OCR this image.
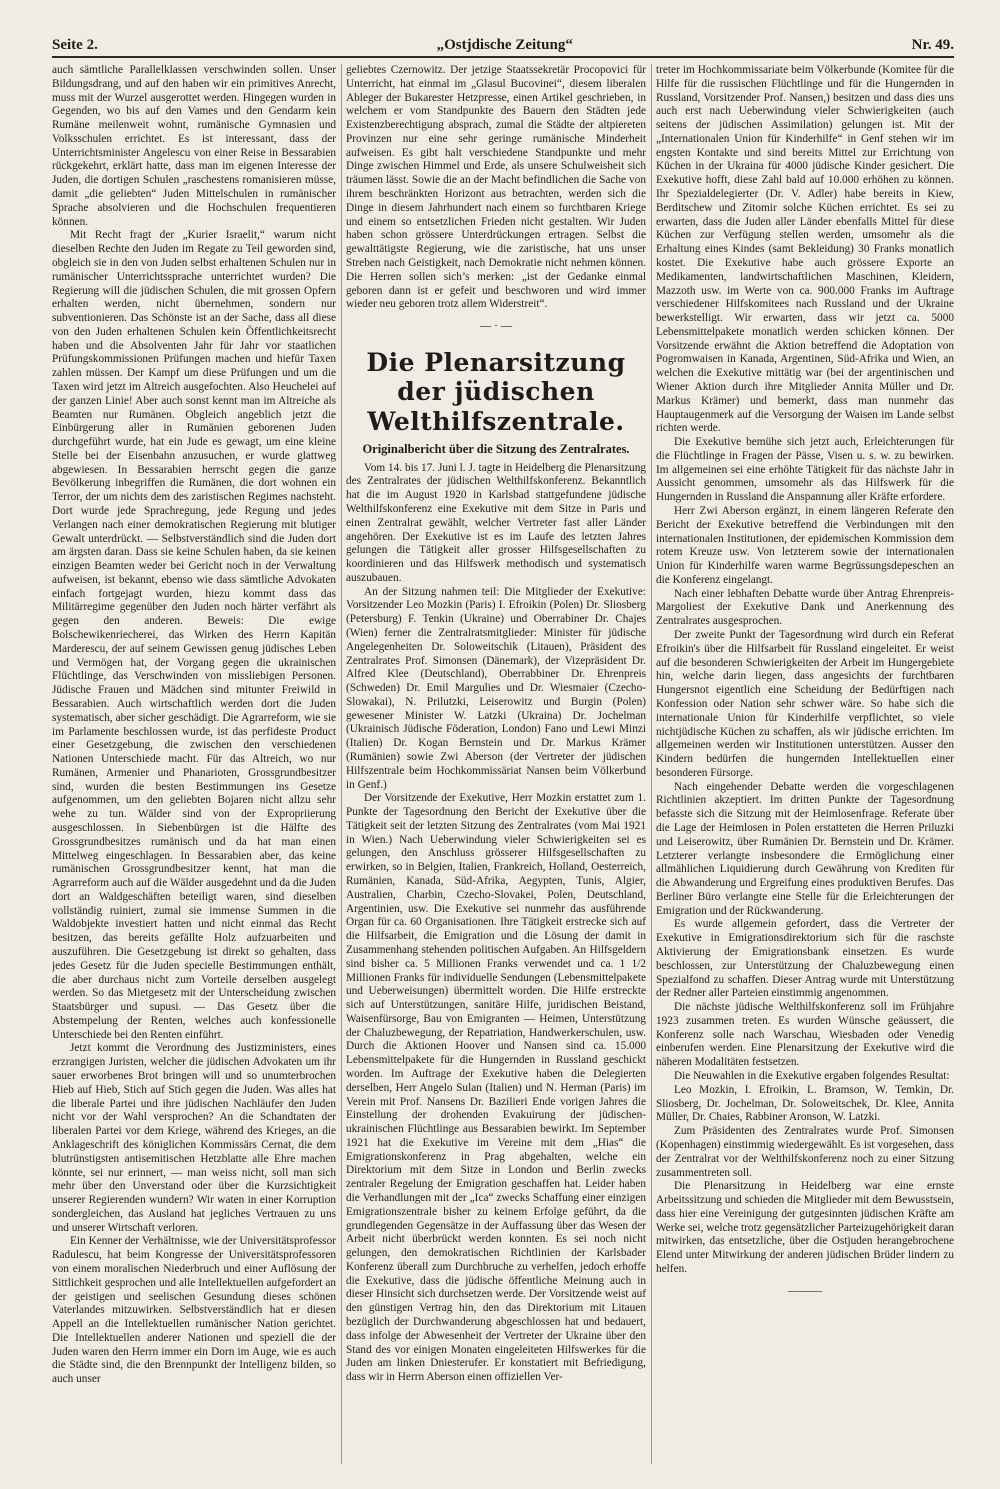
Seite 2.	„Ostjdische Zeitung“	Nr. 49.

auch sämtliche Parallelklassen verschwinden sollen. Unser Bildungsdrang, und auf den haben wir ein primitives Anrecht, muss mit der Wurzel ausgerottet werden. Hingegen wurden in Gegenden, wo bis auf den Vames und den Gendarm kein Rumäne meilenweit wohnt, rumänische Gymnasien und Volksschulen errichtet. Es ist interessant, dass der Unterrichtsminister Angelescu von einer Reise in Bessarabien rückgekehrt, erklärt hatte, dass man im eigenen Interesse der Juden, die dortigen Schulen „raschestens romanisieren müsse, damit „die geliebten“ Juden Mittelschulen in rumänischer Sprache absolvieren und die Hochschulen frequentieren können.

Mit Recht fragt der „Kurier Israelit,“ warum nicht dieselben Rechte den Juden im Regate zu Teil geworden sind, obgleich sie in den von Juden selbst erhaltenen Schulen nur in rumänischer Unterrichtssprache unterrichtet wurden? Die Regierung will die jüdischen Schulen, die mit grossen Opfern erhalten werden, nicht übernehmen, sondern nur subventionieren. Das Schönste ist an der Sache, dass all diese von den Juden erhaltenen Schulen kein Öffentlichkeitsrecht haben und die Absolventen Jahr für Jahr vor staatlichen Prüfungskommissionen Prüfungen machen und hiefür Taxen zahlen müssen. Der Kampf um diese Prüfungen und um die Taxen wird jetzt im Altreich ausgefochten. Also Heuchelei auf der ganzen Linie! Aber auch sonst kennt man im Altreiche als Beamten nur Rumänen. Obgleich angeblich jetzt die Einbürgerung aller in Rumänien geborenen Juden durchgeführt wurde, hat ein Jude es gewagt, um eine kleine Stelle bei der Eisenbahn anzusuchen, er wurde glattweg abgewiesen. In Bessarabien herrscht gegen die ganze Bevölkerung inbegriffen die Rumänen, die dort wohnen ein Terror, der um nichts dem des zaristischen Regimes nachsteht. Dort wurde jede Sprachregung, jede Regung und jedes Verlangen nach einer demokratischen Regierung mit blutiger Gewalt unterdrückt. — Selbstverständlich sind die Juden dort am ärgsten daran. Dass sie keine Schulen haben, da sie keinen einzigen Beamten weder bei Gericht noch in der Verwaltung aufweisen, ist bekannt, ebenso wie dass sämtliche Advokaten einfach fortgejagt wurden, hiezu kommt dass das Militärregime gegenüber den Juden noch härter verfährt als gegen den anderen. Beweis: Die ewige Bolschewikenriecherei, das Wirken des Herrn Kapitän Marderescu, der auf seinem Gewissen genug jüdisches Leben und Vermögen hat, der Vorgang gegen die ukrainischen Flüchtlinge, das Verschwinden von missliebigen Personen. Jüdische Frauen und Mädchen sind mitunter Freiwild in Bessarabien. Auch wirtschaftlich werden dort die Juden systematisch, aber sicher geschädigt. Die Agrarreform, wie sie im Parlamente beschlossen wurde, ist das perfideste Product einer Gesetzgebung, die zwischen den verschiedenen Nationen Unterschiede macht. Für das Altreich, wo nur Rumänen, Armenier und Phanarioten, Grossgrundbesitzer sind, wurden die besten Bestimmungen ins Gesetze aufgenommen, um den geliebten Bojaren nicht allzu sehr wehe zu tun. Wälder sind von der Expropriierung ausgeschlossen. In Siebenbürgen ist die Hälfte des Grossgrundbesitzes rumänisch und da hat man einen Mittelweg eingeschlagen. In Bessarabien aber, das keine rumänischen Grossgrundbesitzer kennt, hat man die Agrarreform auch auf die Wälder ausgedehnt und da die Juden dort an Waldgeschäften beteiligt waren, sind dieselben vollständig ruiniert, zumal sie immense Summen in die Waldobjekte investiert hatten und nicht einmal das Recht besitzen, das bereits gefällte Holz aufzuarbeiten und auszuführen. Die Gesetzgebung ist direkt so gehalten, dass jedes Gesetz für die Juden specielle Bestimmungen enthält, die aber durchaus nicht zum Vorteile derselben ausgelegt werden. So das Mietgesetz mit der Unterscheidung zwischen Staatsbürger und supusi. — Das Gesetz über die Abstempelung der Renten, welches auch konfessionelle Unterschiede bei den Renten einführt.

Jetzt kommt die Verordnung des Justizministers, eines erzrangigen Juristen, welcher die jüdischen Advokaten um ihr sauer erworbenes Brot bringen will und so unumterbrochen Hieb auf Hieb, Stich auf Stich gegen die Juden. Was alles hat die liberale Partei und ihre jüdischen Nachläufer den Juden nicht vor der Wahl versprochen? An die Schandtaten der liberalen Partei vor dem Kriege, während des Krieges, an die Anklageschrift des königlichen Kommissärs Cernat, die dem blutrünstigsten antisemitischen Hetzblatte alle Ehre machen könnte, sei nur erinnert, — man weiss nicht, soll man sich mehr über den Unverstand oder über die Kurzsichtigkeit unserer Regierenden wundern? Wir waten in einer Korruption sondergleichen, das Ausland hat jegliches Vertrauen zu uns und unserer Wirtschaft verloren.

Ein Kenner der Verhältnisse, wie der Universitätsprofessor Radulescu, hat beim Kongresse der Universitätsprofessoren von einem moralischen Niederbruch und einer Auflösung der Sittlichkeit gesprochen und alle Intellektuellen aufgefordert an der geistigen und seelischen Gesundung dieses schönen Vaterlandes mitzuwirken. Selbstverständlich hat er diesen Appell an die Intellektuellen rumänischer Nation gerichtet. Die Intellektuellen anderer Nationen und speziell die der Juden waren den Herrn immer ein Dorn im Auge, wie es auch die Städte sind, die den Brennpunkt der Intelligenz bilden, so auch unser

geliebtes Czernowitz. Der jetzige Staatssekretär Procopovici für Unterricht, hat einmal im „Glasul Bucovinei“, diesem liberalen Ableger der Bukarester Hetzpresse, einen Artikel geschrieben, in welchem er vom Standpunkte des Bauern den Städten jede Existenzberechtigung absprach, zumal die Städte der altpiereten Provinzen nur eine sehr geringe rumänische Minderheit aufweisen. Es gibt halt verschiedene Standpunkte und mehr Dinge zwischen Himmel und Erde, als unsere Schulweisheit sich träumen lässt. Sowie die an der Macht befindlichen die Sache von ihrem beschränkten Horizont aus betrachten, werden sich die Dinge in diesem Jahrhundert nach einem so furchtbaren Kriege und einem so entsetzlichen Frieden nicht gestalten. Wir Juden haben schon grössere Unterdrückungen ertragen. Selbst die gewalttätigste Regierung, wie die zaristische, hat uns unser Streben nach Geistigkeit, nach Demokratie nicht nehmen können. Die Herren sollen sich’s merken: „ist der Gedanke einmal geboren dann ist er gefeit und beschworen und wird immer wieder neu geboren trotz allem Widerstreit“.

— · —
Die Plenarsitzung der jüdischen Welthilfszentrale.
Originalbericht über die Sitzung des Zentralrates.

Vom 14. bis 17. Juni l. J. tagte in Heidelberg die Plenarsitzung des Zentralrates der jüdischen Welthilfskonferenz. Bekanntlich hat die im August 1920 in Karlsbad stattgefundene jüdische Welthilfskonferenz eine Exekutive mit dem Sitze in Paris und einen Zentralrat gewählt, welcher Vertreter fast aller Länder angehören. Der Exekutive ist es im Laufe des letzten Jahres gelungen die Tätigkeit aller grosser Hilfsgesellschaften zu koordinieren und das Hilfswerk methodisch und systematisch auszubauen.

An der Sitzung nahmen teil: Die Mitglieder der Exekutive: Vorsitzender Leo Mozkin (Paris) I. Efroikin (Polen) Dr. Sliosberg (Petersburg) F. Tenkin (Ukraine) und Oberrabiner Dr. Chajes (Wien) ferner die Zentralratsmitglieder: Minister für jüdische Angelegenheiten Dr. Soloweitschik (Litauen), Präsident des Zentralrates Prof. Simonsen (Dänemark), der Vizepräsident Dr. Alfred Klee (Deutschland), Oberrabbiner Dr. Ehrenpreis (Schweden) Dr. Emil Margulies und Dr. Wiesmaier (Czecho-Slowakai), N. Prilutzki, Leiserowitz und Burgin (Polen) gewesener Minister W. Latzki (Ukraina) Dr. Jochelman (Ukrainisch Jüdische Föderation, London) Fano und Lewi Minzi (Italien) Dr. Kogan Bernstein und Dr. Markus Krämer (Rumänien) sowie Zwi Aberson (der Vertreter der jüdischen Hilfszentrale beim Hochkommissäriat Nansen beim Völkerbund in Genf.)

Der Vorsitzende der Exekutive, Herr Mozkin erstattet zum 1. Punkte der Tagesordnung den Bericht der Exekutive über die Tätigkeit seit der letzten Sitzung des Zentralrates (vom Mai 1921 in Wien.) Nach Ueberwindung vieler Schwierigkeiten sei es gelungen, den Anschluss grösserer Hilfsgesellschaften zu erwirken, so in Belgien, Italien, Frankreich, Holland, Oesterreich, Rumänien, Kanada, Süd-Afrika, Aegypten, Tunis, Algier, Australien, Charbin, Czecho-Slovakei, Polen, Deutschland, Argentinien, usw. Die Exekutive sei nunmehr das ausführende Organ für ca. 60 Organisationen. Ihre Tätigkeit erstrecke sich auf die Hilfsarbeit, die Emigration und die Lösung der damit in Zusammenhang stehenden politischen Aufgaben. An Hilfsgeldern sind bisher ca. 5 Millionen Franks verwendet und ca. 1 1/2 Millionen Franks für individuelle Sendungen (Lebensmittelpakete und Ueberweisungen) übermittelt worden. Die Hilfe erstreckte sich auf Unterstützungen, sanitäre Hilfe, juridischen Beistand, Waisenfürsorge, Bau von Emigranten — Heimen, Unterstützung der Chaluzbewegung, der Repatriation, Handwerkerschulen, usw. Durch die Aktionen Hoover und Nansen sind ca. 15.000 Lebensmittelpakete für die Hungernden in Russland geschickt worden. Im Auftrage der Exekutive haben die Delegierten derselben, Herr Angelo Sulan (Italien) und N. Herman (Paris) im Verein mit Prof. Nansens Dr. Bazilieri Ende vorigen Jahres die Einstellung der drohenden Evakuirung der jüdischen- ukrainischen Flüchtlinge aus Bessarabien bewirkt. Im September 1921 hat die Exekutive im Vereine mit dem „Hias“ die Emigrationskonferenz in Prag abgehalten, welche ein Direktorium mit dem Sitze in London und Berlin zwecks zentraler Regelung der Emigration geschaffen hat. Leider haben die Verhandlungen mit der „Ica“ zwecks Schaffung einer einzigen Emigrationszentrale bisher zu keinem Erfolge geführt, da die grundlegenden Gegensätze in der Auffassung über das Wesen der Arbeit nicht überbrückt werden konnten. Es sei noch nicht gelungen, den demokratischen Richtlinien der Karlsbader Konferenz überall zum Durchbruche zu verhelfen, jedoch erhoffe die Exekutive, dass die jüdische öffentliche Meinung auch in dieser Hinsicht sich durchsetzen werde. Der Vorsitzende weist auf den günstigen Vertrag hin, den das Direktorium mit Litauen bezüglich der Durchwanderung abgeschlossen hat und bedauert, dass infolge der Abwesenheit der Vertreter der Ukraine über den Stand des vor einigen Monaten eingeleiteten Hilfswerkes für die Juden am linken Dniesterufer. Er konstatiert mit Befriedigung, dass wir in Herrn Aberson einen offiziellen Ver-

treter im Hochkommissariate beim Völkerbunde (Komitee für die Hilfe für die russischen Flüchtlinge und für die Hungernden in Russland, Vorsitzender Prof. Nansen,) besitzen und dass dies uns auch erst nach Ueberwindung vieler Schwierigkeiten (auch seitens der jüdischen Assimilation) gelungen ist. Mit der „Internationalen Union für Kinderhilfe“ in Genf stehen wir im engsten Kontakte und sind bereits Mittel zur Errichtung von Küchen in der Ukraina für 4000 jüdische Kinder gesichert. Die Exekutive hofft, diese Zahl bald auf 10.000 erhöhen zu können. Ihr Spezialdelegierter (Dr. V. Adler) habe bereits in Kiew, Berditschew und Zitomir solche Küchen errichtet. Es sei zu erwarten, dass die Juden aller Länder ebenfalls Mittel für diese Küchen zur Verfügung stellen werden, umsomehr als die Erhaltung eines Kindes (samt Bekleidung) 30 Franks monatlich kostet. Die Exekutive habe auch grössere Exporte an Medikamenten, landwirtschaftlichen Maschinen, Kleidern, Mazzoth usw. im Werte von ca. 900.000 Franks im Auftrage verschiedener Hilfskomitees nach Russland und der Ukraine bewerkstelligt. Wir erwarten, dass wir jetzt ca. 5000 Lebensmittelpakete monatlich werden schicken können. Der Vorsitzende erwähnt die Aktion betreffend die Adoptation von Pogromwaisen in Kanada, Argentinen, Süd-Afrika und Wien, an welchen die Exekutive mittätig war (bei der argentinischen und Wiener Aktion durch ihre Mitglieder Annita Müller und Dr. Markus Krämer) und bemerkt, dass man nunmehr das Hauptaugenmerk auf die Versorgung der Waisen im Lande selbst richten werde.

Die Exekutive bemühe sich jetzt auch, Erleichterungen für die Flüchtlinge in Fragen der Pässe, Visen u. s. w. zu bewirken. Im allgemeinen sei eine erhöhte Tätigkeit für das nächste Jahr in Aussicht genommen, umsomehr als das Hilfswerk für die Hungernden in Russland die Anspannung aller Kräfte erfordere.

Herr Zwi Aberson ergänzt, in einem längeren Referate den Bericht der Exekutive betreffend die Verbindungen mit den internationalen Institutionen, der epidemischen Kommission dem rotem Kreuze usw. Von letzterem sowie der internationalen Union für Kinderhilfe waren warme Begrüssungsdepeschen an die Konferenz eingelangt.

Nach einer lebhaften Debatte wurde über Antrag Ehrenpreis-Margoliest der Exekutive Dank und Anerkennung des Zentralrates ausgesprochen.

Der zweite Punkt der Tagesordnung wird durch ein Referat Efroikin's über die Hilfsarbeit für Russland eingeleitet. Er weist auf die besonderen Schwierigkeiten der Arbeit im Hungergebiete hin, welche darin liegen, dass angesichts der furchtbaren Hungersnot eigentlich eine Scheidung der Bedürftigen nach Konfession oder Nation sehr schwer wäre. So habe sich die internationale Union für Kinderhilfe verpflichtet, so viele nichtjüdische Küchen zu schaffen, als wir jüdische errichten. Im allgemeinen werden wir Institutionen unterstützen. Ausser den Kindern bedürfen die hungernden Intellektuellen einer besonderen Fürsorge.

Nach eingehender Debatte werden die vorgeschlagenen Richtlinien akzeptiert. Im dritten Punkte der Tagesordnung befasste sich die Sitzung mit der Heimlosenfrage. Referate über die Lage der Heimlosen in Polen erstatteten die Herren Priluzki und Leiserowitz, über Rumänien Dr. Bernstein und Dr. Krämer. Letzterer verlangte insbesondere die Ermöglichung einer allmählichen Liquidierung durch Gewährung von Krediten für die Abwanderung und Ergreifung eines produktiven Berufes. Das Berliner Büro verlangte eine Stelle für die Erleichterungen der Emigration und der Rückwanderung.

Es wurde allgemein gefordert, dass die Vertreter der Exekutive in Emigrationsdirektorium sich für die raschste Aktivierung der Emigrationsbank einsetzen. Es wurde beschlossen, zur Unterstützung der Chaluzbewegung einen Spezialfond zu schaffen. Dieser Antrag wurde mit Unterstützung der Redner aller Parteien einstimmig angenommen.

Die nächste jüdische Welthilfskonferenz soll im Frühjahre 1923 zusammen treten. Es wurden Wünsche geäussert, die Konferenz solle nach Warschau, Wiesbaden oder Venedig einberufen werden. Eine Plenarsitzung der Exekutive wird die näheren Modalitäten festsetzen.

Die Neuwahlen in die Exekutive ergaben folgendes Resultat:

Leo Mozkin, I. Efroikin, L. Bramson, W. Temkin, Dr. Sliosberg, Dr. Jochelman, Dr. Soloweitschek, Dr. Klee, Annita Müller, Dr. Chaies, Rabbiner Aronson, W. Latzki.

Zum Präsidenten des Zentralrates wurde Prof. Simonsen (Kopenhagen) einstimmig wiedergewählt. Es ist vorgesehen, dass der Zentralrat vor der Welthilfskonferenz noch zu einer Sitzung zusammentreten soll.

Die Plenarsitzung in Heidelberg war eine ernste Arbeitssitzung und schieden die Mitglieder mit dem Bewusstsein, dass hier eine Vereinigung der gutgesinnten jüdischen Kräfte am Werke sei, welche trotz gegensätzlicher Parteizugehörigkeit daran mitwirken, das entsetzliche, über die Ostjuden herangebrochene Elend unter Mitwirkung der anderen jüdischen Brüder lindern zu helfen.

———
